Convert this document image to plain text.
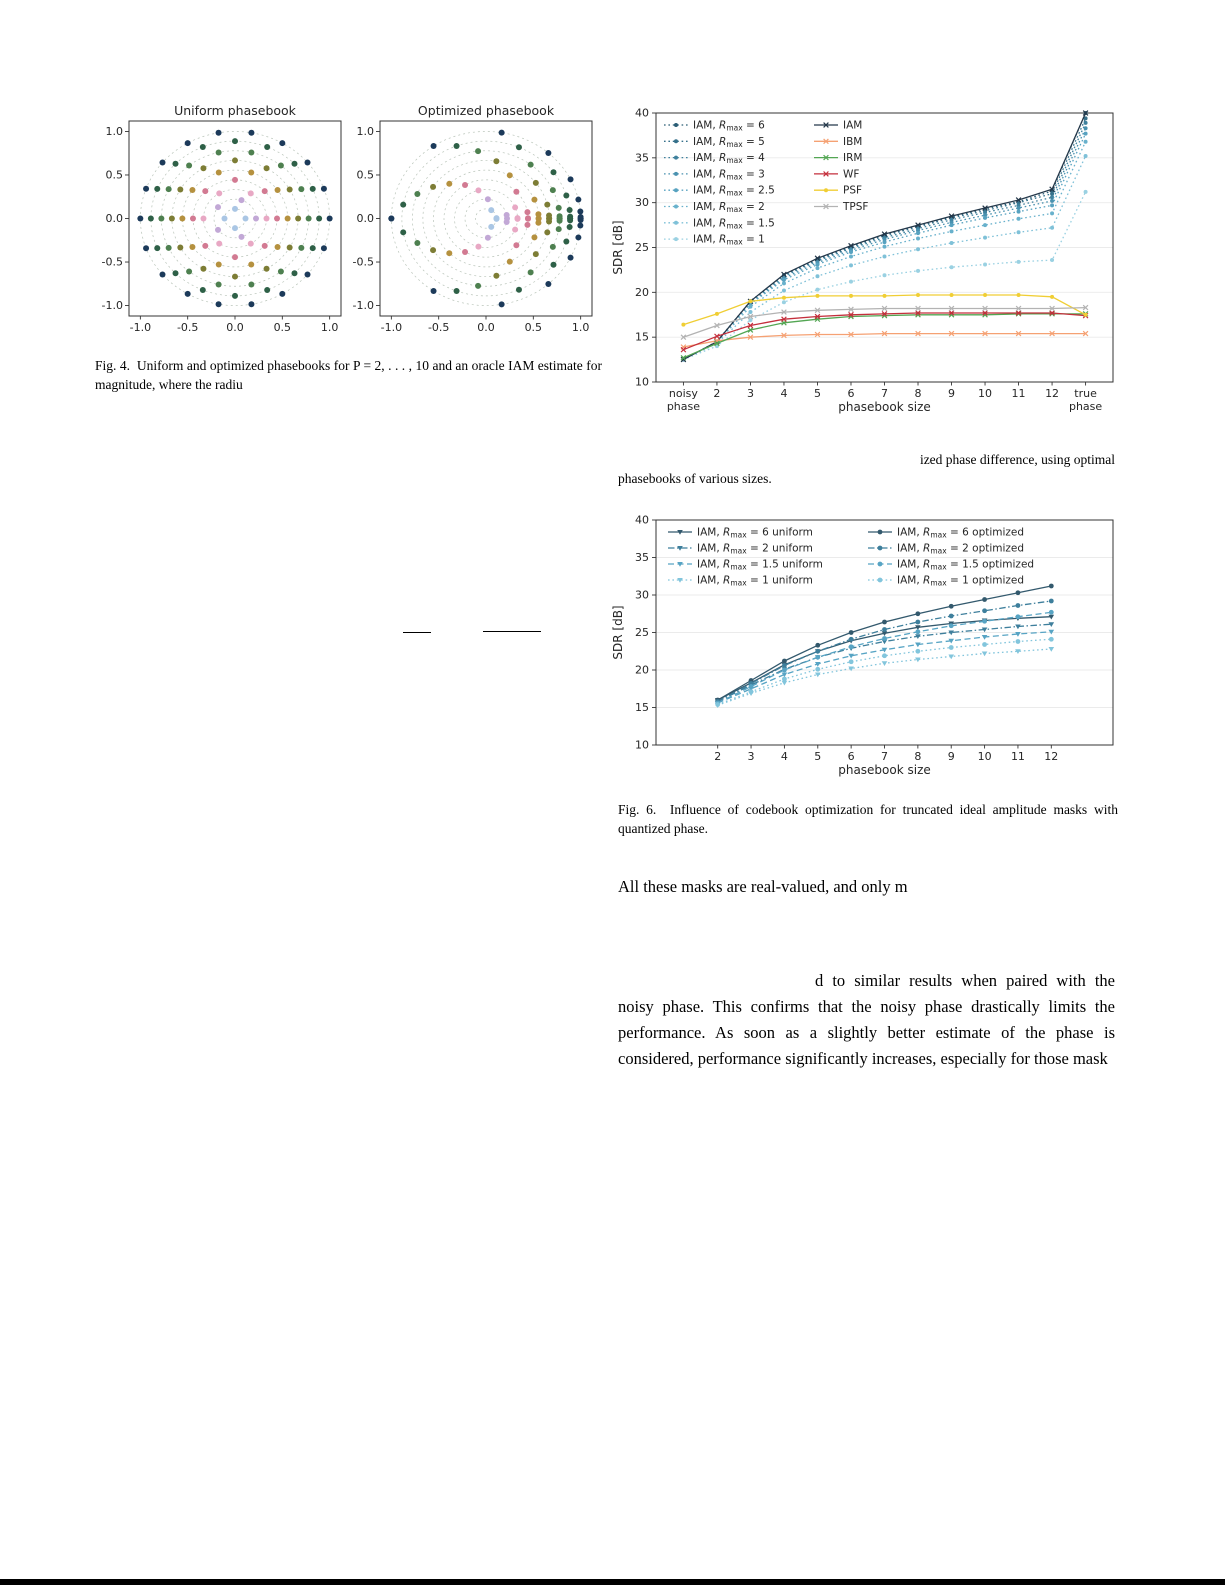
Uniform phasebook
-1.0
-1.0
-0.5
-0.5
0.0
0.0
0.5
0.5
1.0
1.0
Optimized phasebook
-1.0
-1.0
-0.5
-0.5
0.0
0.0
0.5
0.5
1.0
1.0
Fig. 4.  Uniform and optimized phasebooks for P = 2, . . . , 10 and an oracle IAM estimate for magnitude, where the radiu	10
15
20
25
30
35
40
noisy phase
2 3 4 5 6 7 8 9 10 11 12	true phase
phasebook size
SDR [dB]
IAM, Rmax = 6
IAM, Rmax = 5
IAM, Rmax = 4
IAM, Rmax = 3
IAM, Rmax = 2.5
IAM, Rmax = 2
IAM, Rmax = 1.5
IAM, Rmax = 1
IAM
IBM
IRM
WF
PSF
TPSF
ized phase difference, using optimal
phasebooks of various sizes.
10
15
20
25
30
35
40
2 3 4 5 6 7 8 9 10 11 12
phasebook size
SDR [dB]
IAM, Rmax = 6 uniform
IAM, Rmax = 2 uniform
IAM, Rmax = 1.5 uniform
IAM, Rmax = 1 uniform
IAM, Rmax = 6 optimized
IAM, Rmax = 2 optimized
IAM, Rmax = 1.5 optimized
IAM, Rmax = 1 optimized
Fig. 6.  Influence of codebook optimization for truncated ideal amplitude masks with quantized phase.
All these masks are real-valued, and only m
d to similar results when paired with the noisy phase. This confirms that the noisy phase drastically limits the performance. As soon as a slightly better estimate of the phase is considered, performance significantly increases, especially for those mask
